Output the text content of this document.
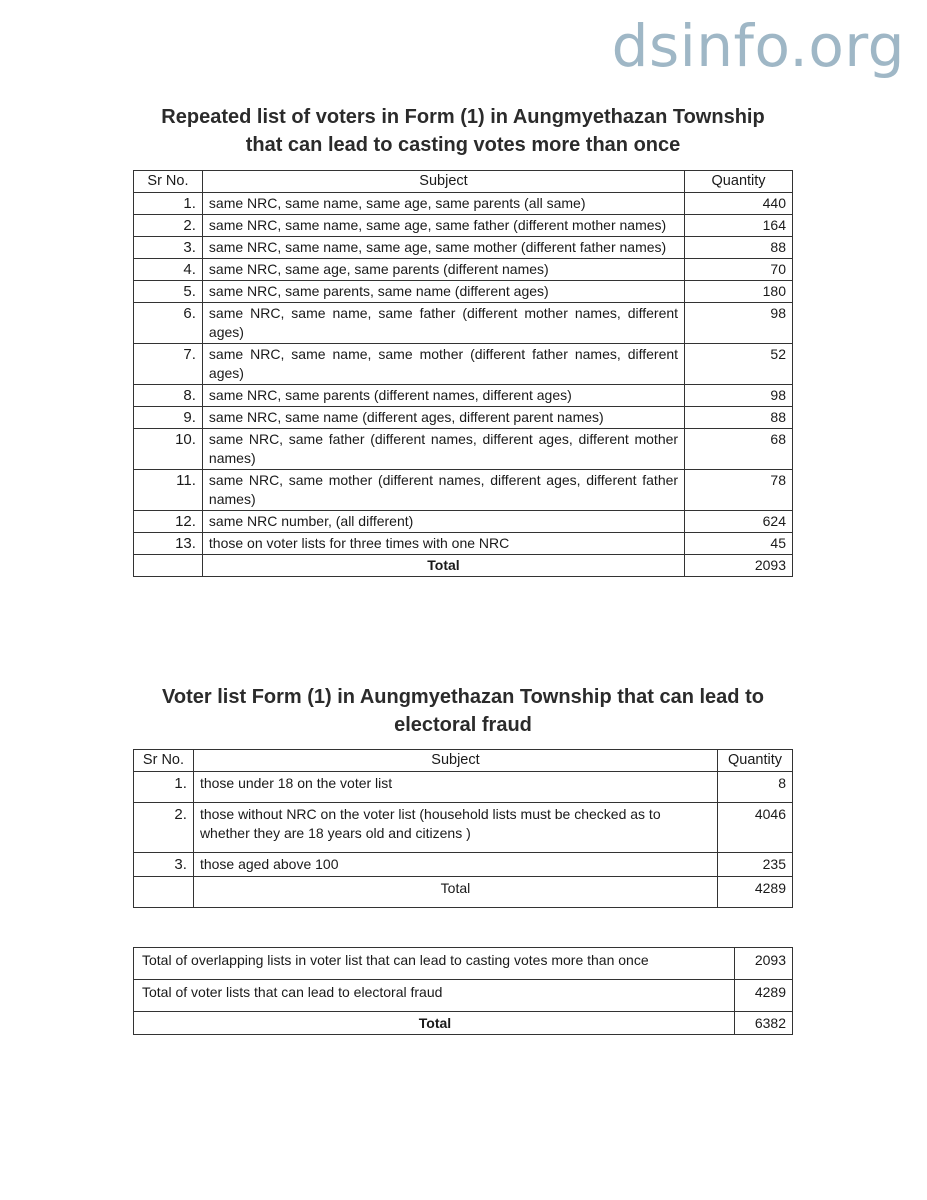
dsinfo.org
Repeated list of voters in Form (1) in Aungmyethazan Township
that can lead to casting votes more than once
Sr No.	Subject	Quantity
1.	same NRC, same name, same age, same parents (all same)	440
2.	same NRC, same name, same age, same father (different mother names)	164
3.	same NRC, same name, same age, same mother (different father names)	88
4.	same NRC, same age, same parents (different names)	70
5.	same NRC, same parents, same name (different ages)	180
6.	same NRC, same name, same father (different mother names, different ages)	98
7.	same NRC, same name, same mother (different father names, different ages)	52
8.	same NRC, same parents (different names, different ages)	98
9.	same NRC, same name (different ages, different parent names)	88
10.	same NRC, same father (different names, different ages, different mother names)	68
11.	same NRC, same mother (different names, different ages, different father names)	78
12.	same NRC number, (all different)	624
13.	those on voter lists for three times with one NRC	45
	Total	2093
Voter list Form (1) in Aungmyethazan Township that can lead to
electoral fraud
Sr No.	Subject	Quantity
1.	those under 18 on the voter list	8
2.	those without NRC on the voter list (household lists must be checked as to whether they are 18 years old and citizens )	4046
3.	those aged above 100	235
	Total	4289
Total of overlapping lists in voter list that can lead to casting votes more than once	2093
Total of voter lists that can lead to electoral fraud	4289
Total	6382
